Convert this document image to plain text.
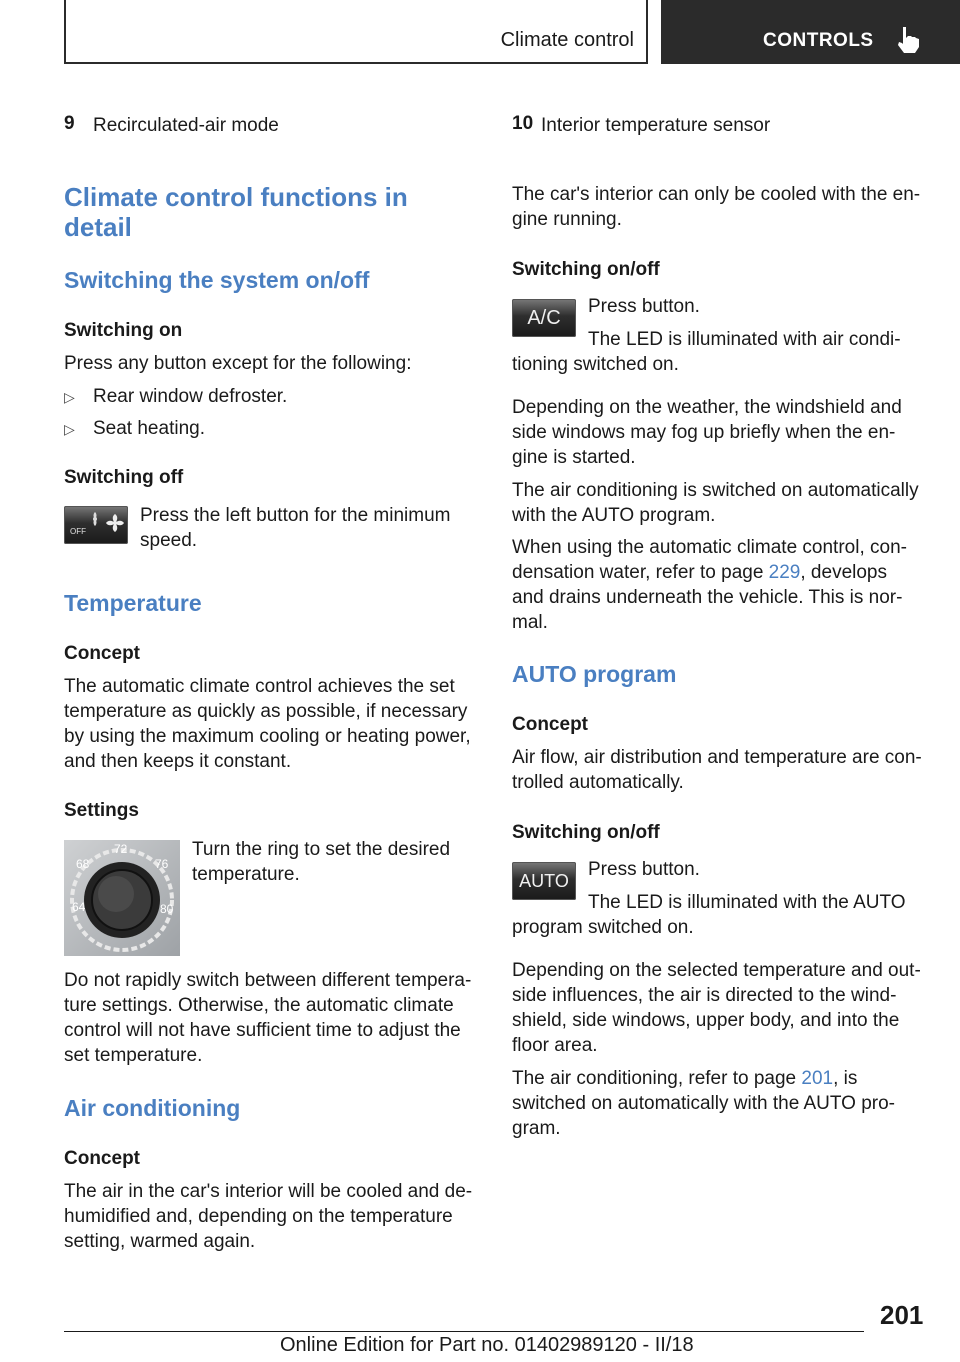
Climate control	CONTROLS
9 Recirculated-air mode
Climate control functions in
detail
Switching the system on/off
Switching on
Press any button except for the following:
▷ Rear window defroster.
▷ Seat heating.
Switching off
OFF
Press the left button for the minimum
speed.
Temperature
Concept
The automatic climate control achieves the set
temperature as quickly as possible, if necessary
by using the maximum cooling or heating power,
and then keeps it constant.
Settings
64
68
72
76
80
Turn the ring to set the desired
temperature.
Do not rapidly switch between different tempera-
ture settings. Otherwise, the automatic climate
control will not have sufficient time to adjust the
set temperature.
Air conditioning
Concept
The air in the car's interior will be cooled and de-
humidified and, depending on the temperature
setting, warmed again.
10 Interior temperature sensor
The car's interior can only be cooled with the en-
gine running.
Switching on/off
A/C
Press button.
The LED is illuminated with air condi-
tioning switched on.
Depending on the weather, the windshield and
side windows may fog up briefly when the en-
gine is started.
The air conditioning is switched on automatically
with the AUTO program.
When using the automatic climate control, con-
densation water, refer to page 229, develops
and drains underneath the vehicle. This is nor-
mal.
AUTO program
Concept
Air flow, air distribution and temperature are con-
trolled automatically.
Switching on/off
AUTO
Press button.
The LED is illuminated with the AUTO
program switched on.
Depending on the selected temperature and out-
side influences, the air is directed to the wind-
shield, side windows, upper body, and into the
floor area.
The air conditioning, refer to page 201, is
switched on automatically with the AUTO pro-
gram.
201
Online Edition for Part no. 01402989120 - II/18
